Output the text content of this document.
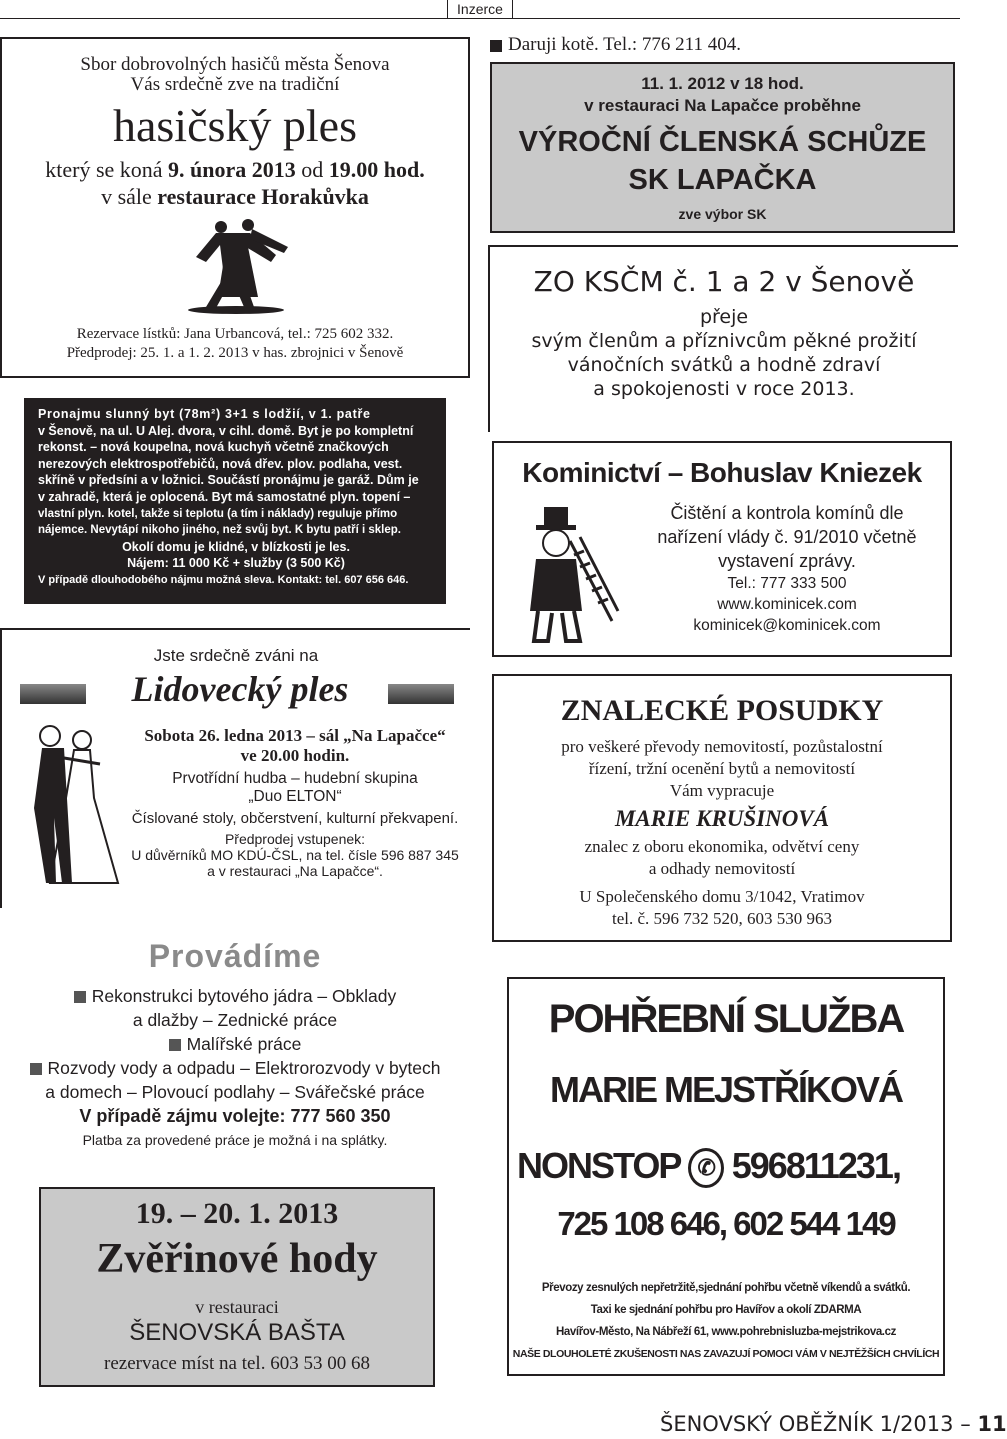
Inzerce
Sbor dobrovolných hasičů města Šenova
Vás srdečně zve na tradiční
hasičský ples
který se koná 9. února 2013 od 19.00 hod.
v sále restaurace Horakůvka
Rezervace lístků: Jana Urbancová, tel.: 725 602 332.
Předprodej: 25. 1. a 1. 2. 2013 v has. zbrojnici v Šenově
Pronajmu slunný byt (78m²) 3+1 s lodžií, v 1. patře
v Šenově, na ul. U Alej. dvora, v cihl. domě. Byt je po kompletní
rekonst. – nová koupelna, nová kuchyň včetně značkových
nerezových elektrospotřebičů, nová dřev. plov. podlaha, vest.
skříně v předsíni a v ložnici. Součástí pronájmu je garáž. Dům je
v zahradě, která je oplocená. Byt má samostatné plyn. topení –
vlastní plyn. kotel, takže si teplotu (a tím i náklady) reguluje přímo
nájemce. Nevytápí nikoho jiného, než svůj byt. K bytu patří i sklep.
Okolí domu je klidné, v blízkosti je les.
Nájem: 11 000 Kč + služby (3 500 Kč)
V případě dlouhodobého nájmu možná sleva. Kontakt: tel. 607 656 646.
Jste srdečně zváni na
Lidovecký ples
Sobota 26. ledna 2013 – sál „Na Lapačce“
ve 20.00 hodin.
Prvotřídní hudba – hudební skupina
„Duo ELTON“
Číslované stoly, občerstvení, kulturní překvapení.
Předprodej vstupenek:
U důvěrníků MO KDÚ-ČSL, na tel. čísle 596 887 345
a v restauraci „Na Lapačce“.
Provádíme
Rekonstrukci bytového jádra – Obklady
a dlažby – Zednické práce
Malířské práce
Rozvody vody a odpadu – Elektrorozvody v bytech
a domech – Plovoucí podlahy – Svářečské práce
V případě zájmu volejte: 777 560 350
Platba za provedené práce je možná i na splátky.
19. – 20. 1. 2013
Zvěřinové hody
v restauraci
ŠENOVSKÁ BAŠTA
rezervace míst na tel. 603 53 00 68
Daruji kotě. Tel.: 776 211 404.
11. 1. 2012 v 18 hod.
v restauraci Na Lapačce proběhne
VÝROČNÍ ČLENSKÁ SCHŮZE
SK LAPAČKA
zve výbor SK
ZO KSČM č. 1 a 2 v Šenově
přeje
svým členům a příznivcům pěkné prožití
vánočních svátků a hodně zdraví
a spokojenosti v roce 2013.
Kominictví – Bohuslav Kniezek
Čištění a kontrola komínů dle
nařízení vlády č. 91/2010 včetně
vystavení zprávy.
Tel.: 777 333 500
www.kominicek.com
kominicek@kominicek.com
ZNALECKÉ POSUDKY
pro veškeré převody nemovitostí, pozůstalostní
řízení, tržní ocenění bytů a nemovitostí
Vám vypracuje
MARIE KRUŠINOVÁ
znalec z oboru ekonomika, odvětví ceny
a odhady nemovitostí
U Společenského domu 3/1042, Vratimov
tel. č. 596 732 520, 603 530 963
POHŘEBNÍ SLUŽBA
MARIE MEJSTŘÍKOVÁ
NONSTOP ✆ 596811231,
725 108 646, 602 544 149
Převozy zesnulých nepřetržitě,sjednání pohřbu včetně víkendů a svátků.
Taxi ke sjednání pohřbu pro Havířov a okolí ZDARMA
Havířov-Město, Na Nábřeží 61, www.pohrebnisluzba-mejstrikova.cz
NAŠE DLOUHOLETÉ ZKUŠENOSTI NAS ZAVAZUJÍ POMOCI VÁM V NEJTĚŽŠÍCH CHVÍLÍCH
ŠENOVSKÝ OBĚŽNÍK 1/2013 – 11
